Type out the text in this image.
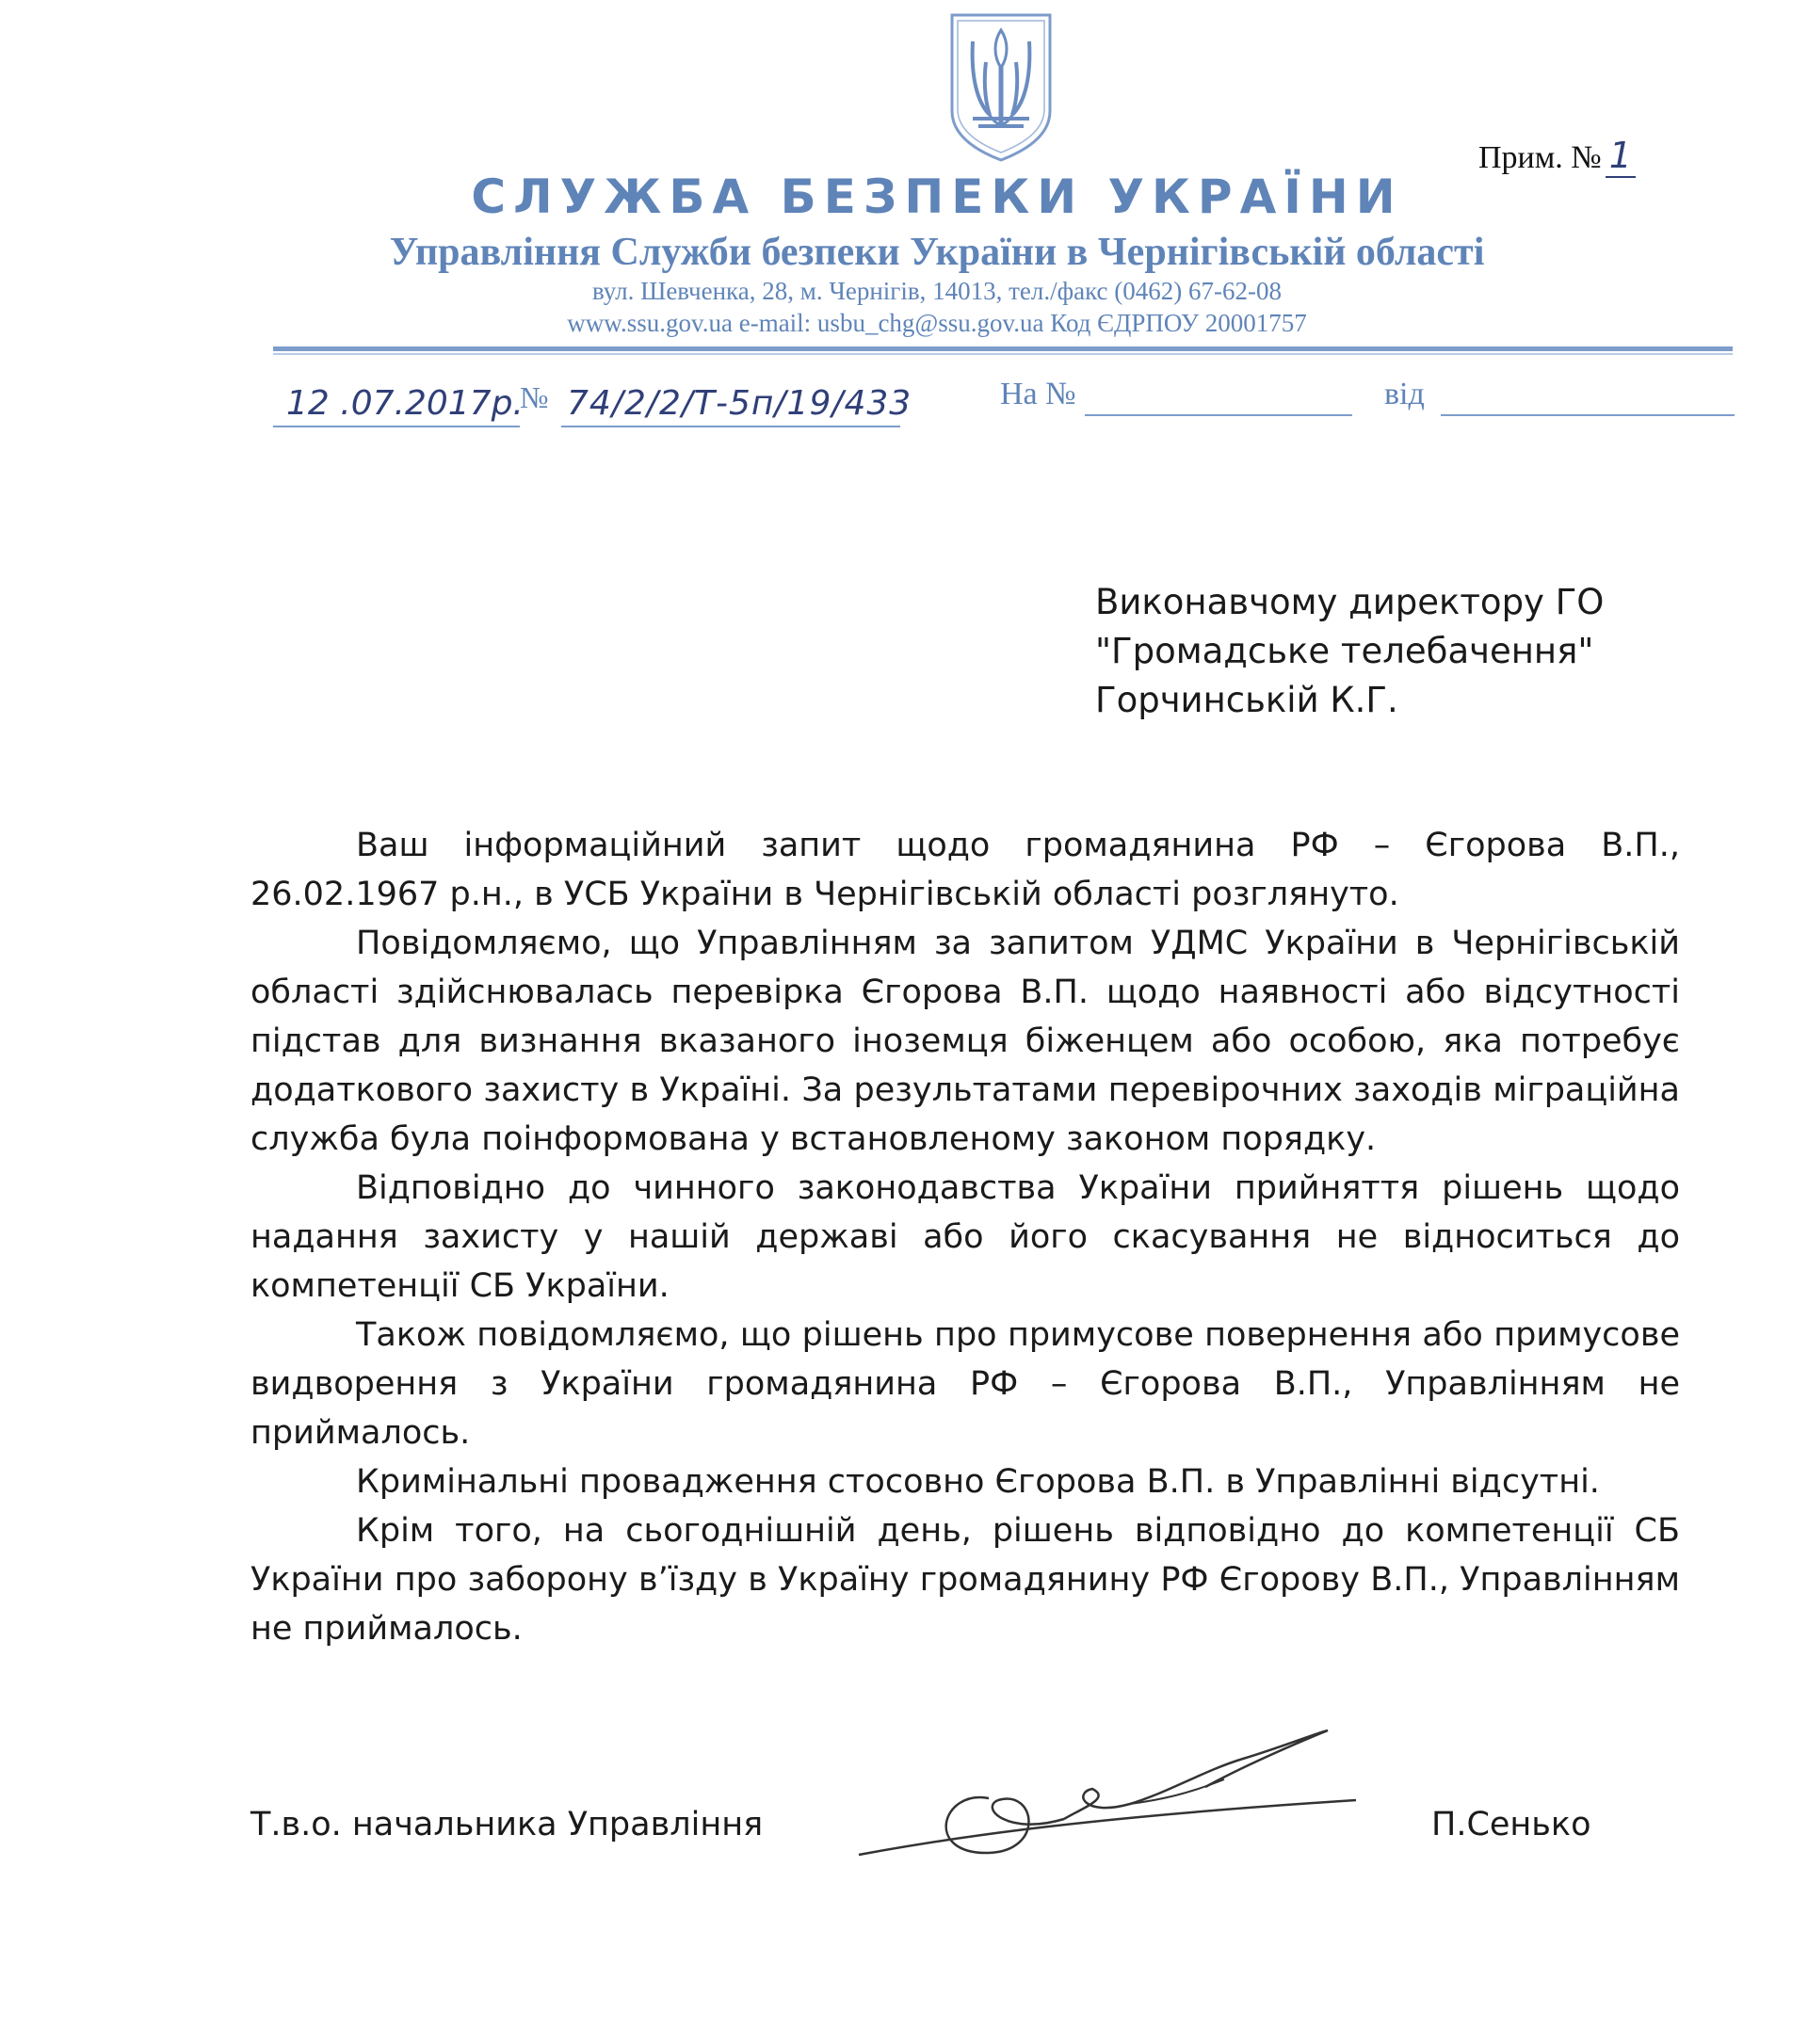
Прим. № 1
СЛУЖБА БЕЗПЕКИ УКРАЇНИ
Управління Служби безпеки України в Чернігівській області
вул. Шевченка, 28, м. Чернігів, 14013, тел./факс (0462) 67-62-08
www.ssu.gov.ua e-mail: usbu_chg@ssu.gov.ua Код ЄДРПОУ 20001757
12 .07.2017р.
№ 74/2/2/Т-5п/19/433	На №	від
Виконавчому директору ГО
"Громадське телебачення"
Горчинській К.Г.

Ваш інформаційний запит щодо громадянина РФ – Єгорова В.П., 26.02.1967 р.н., в УСБ України в Чернігівській області розглянуто.

Повідомляємо, що Управлінням за запитом УДМС України в Чернігівській області здійснювалась перевірка Єгорова В.П. щодо наявності або відсутності підстав для визнання вказаного іноземця біженцем або особою, яка потребує додаткового захисту в Україні. За результатами перевірочних заходів міграційна служба була поінформована у встановленому законом порядку.

Відповідно до чинного законодавства України прийняття рішень щодо надання захисту у нашій державі або його скасування не відноситься до компетенції СБ України.

Також повідомляємо, що рішень про примусове повернення або примусове видворення з України громадянина РФ – Єгорова В.П., Управлінням не приймалось.

Кримінальні провадження стосовно Єгорова В.П. в Управлінні відсутні.

Крім того, на сьогоднішній день, рішень відповідно до компетенції СБ України про заборону в’їзду в Україну громадянину РФ Єгорову В.П., Управлінням не приймалось.

Т.в.о. начальника Управління	П.Сенько
